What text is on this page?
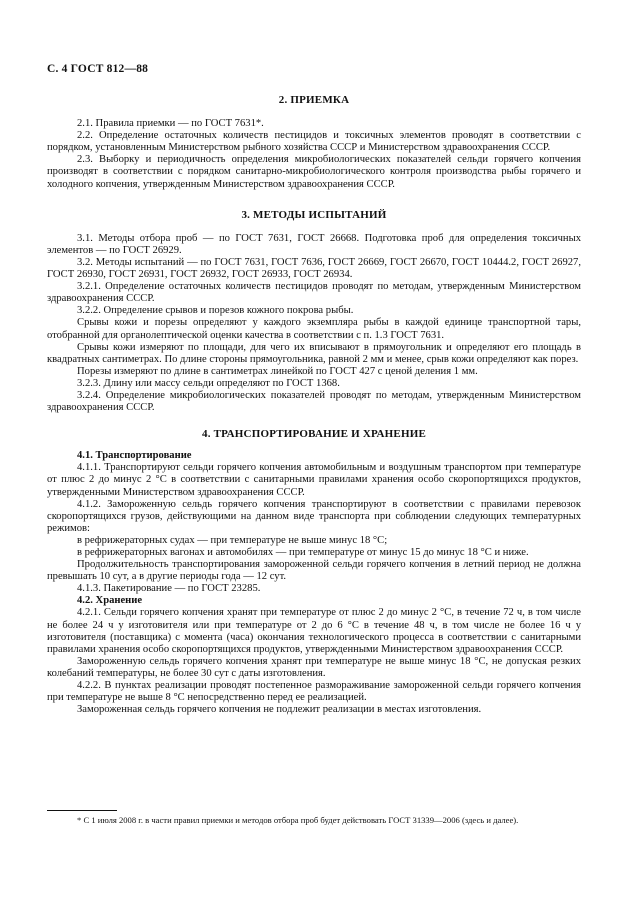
С. 4 ГОСТ 812—88
2. ПРИЕМКА

2.1. Правила приемки — по ГОСТ 7631*.

2.2. Определение остаточных количеств пестицидов и токсичных элементов проводят в соответствии с порядком, установленным Министерством рыбного хозяйства СССР и Министерством здравоохранения СССР.

2.3. Выборку и периодичность определения микробиологических показателей сельди горячего копчения производят в соответствии с порядком санитарно-микробиологического контроля производства рыбы горячего и холодного копчения, утвержденным Министерством здравоохранения СССР.

3. МЕТОДЫ ИСПЫТАНИЙ

3.1. Методы отбора проб — по ГОСТ 7631, ГОСТ 26668. Подготовка проб для определения токсичных элементов — по ГОСТ 26929.

3.2. Методы испытаний — по ГОСТ 7631, ГОСТ 7636, ГОСТ 26669, ГОСТ 26670, ГОСТ 10444.2, ГОСТ 26927, ГОСТ 26930, ГОСТ 26931, ГОСТ 26932, ГОСТ 26933, ГОСТ 26934.

3.2.1. Определение остаточных количеств пестицидов проводят по методам, утвержденным Министерством здравоохранения СССР.

3.2.2. Определение срывов и порезов кожного покрова рыбы.

Срывы кожи и порезы определяют у каждого экземпляра рыбы в каждой единице транспортной тары, отобранной для органолептической оценки качества в соответствии с п. 1.3 ГОСТ 7631.

Срывы кожи измеряют по площади, для чего их вписывают в прямоугольник и определяют его площадь в квадратных сантиметрах. По длине стороны прямоугольника, равной 2 мм и менее, срыв кожи определяют как порез.

Порезы измеряют по длине в сантиметрах линейкой по ГОСТ 427 с ценой деления 1 мм.

3.2.3. Длину или массу сельди определяют по ГОСТ 1368.

3.2.4. Определение микробиологических показателей проводят по методам, утвержденным Министерством здравоохранения СССР.

4. ТРАНСПОРТИРОВАНИЕ И ХРАНЕНИЕ

4.1. Транспортирование

4.1.1. Транспортируют сельди горячего копчения автомобильным и воздушным транспортом при температуре от плюс 2 до минус 2 °С в соответствии с санитарными правилами хранения особо скоропортящихся продуктов, утвержденными Министерством здравоохранения СССР.

4.1.2. Замороженную сельдь горячего копчения транспортируют в соответствии с правилами перевозок скоропортящихся грузов, действующими на данном виде транспорта при соблюдении следующих температурных режимов:

в рефрижераторных судах — при температуре не выше минус 18 °С;

в рефрижераторных вагонах и автомобилях — при температуре от минус 15 до минус 18 °С и ниже.

Продолжительность транспортирования замороженной сельди горячего копчения в летний период не должна превышать 10 сут, а в другие периоды года — 12 сут.

4.1.3. Пакетирование — по ГОСТ 23285.

4.2. Хранение

4.2.1. Сельди горячего копчения хранят при температуре от плюс 2 до минус 2 °С, в течение 72 ч, в том числе не более 24 ч у изготовителя или при температуре от 2 до 6 °С в течение 48 ч, в том числе не более 16 ч у изготовителя (поставщика) с момента (часа) окончания технологического процесса в соответствии с санитарными правилами хранения особо скоропортящихся продуктов, утвержденными Министерством здравоохранения СССР.

Замороженную сельдь горячего копчения хранят при температуре не выше минус 18 °С, не допуская резких колебаний температуры, не более 30 сут с даты изготовления.

4.2.2. В пунктах реализации проводят постепенное размораживание замороженной сельди горячего копчения при температуре не выше 8 °С непосредственно перед ее реализацией.

Замороженная сельдь горячего копчения не подлежит реализации в местах изготовления.

* С 1 июля 2008 г. в части правил приемки и методов отбора проб будет действовать ГОСТ 31339—2006 (здесь и далее).
